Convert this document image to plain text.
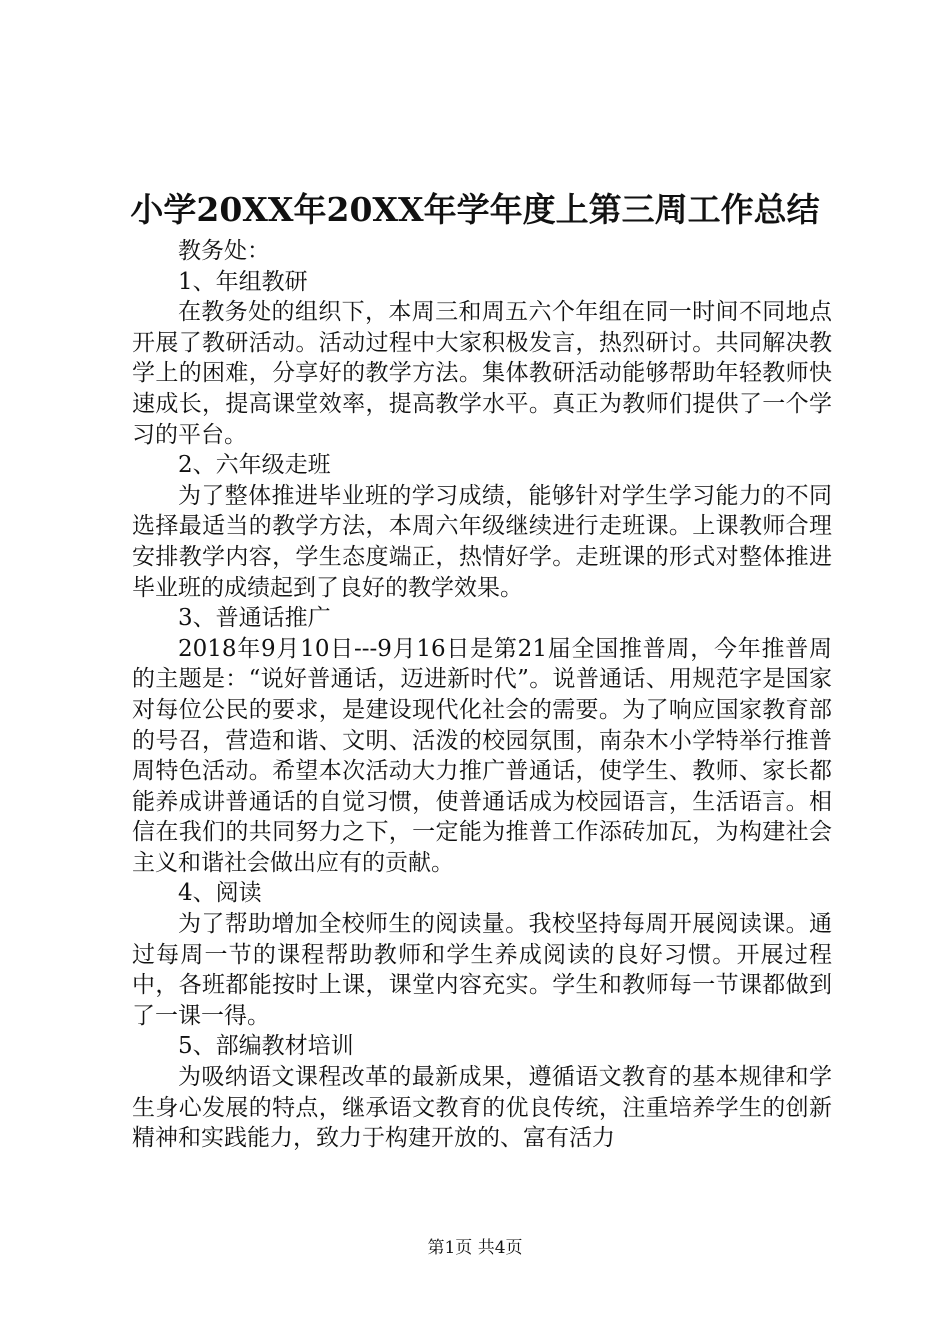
小学20XX年20XX年学年度上第三周工作总结

教务处：

1、年组教研

在教务处的组织下，本周三和周五六个年组在同一时间不同地点开展了教研活动。活动过程中大家积极发言，热烈研讨。共同解决教学上的困难，分享好的教学方法。集体教研活动能够帮助年轻教师快速成长，提高课堂效率，提高教学水平。真正为教师们提供了一个学习的平台。

2、六年级走班

为了整体推进毕业班的学习成绩，能够针对学生学习能力的不同选择最适当的教学方法，本周六年级继续进行走班课。上课教师合理安排教学内容，学生态度端正，热情好学。走班课的形式对整体推进毕业班的成绩起到了良好的教学效果。

3、普通话推广

2018年9月10日---9月16日是第21届全国推普周，今年推普周的主题是：“说好普通话，迈进新时代”。说普通话、用规范字是国家对每位公民的要求，是建设现代化社会的需要。为了响应国家教育部的号召，营造和谐、文明、活泼的校园氛围，南杂木小学特举行推普周特色活动。希望本次活动大力推广普通话，使学生、教师、家长都能养成讲普通话的自觉习惯，使普通话成为校园语言，生活语言。相信在我们的共同努力之下，一定能为推普工作添砖加瓦，为构建社会主义和谐社会做出应有的贡献。

4、阅读

为了帮助增加全校师生的阅读量。我校坚持每周开展阅读课。通过每周一节的课程帮助教师和学生养成阅读的良好习惯。开展过程中，各班都能按时上课，课堂内容充实。学生和教师每一节课都做到了一课一得。

5、部编教材培训

为吸纳语文课程改革的最新成果，遵循语文教育的基本规律和学生身心发展的特点，继承语文教育的优良传统，注重培养学生的创新精神和实践能力，致力于构建开放的、富有活力

第1页 共4页
